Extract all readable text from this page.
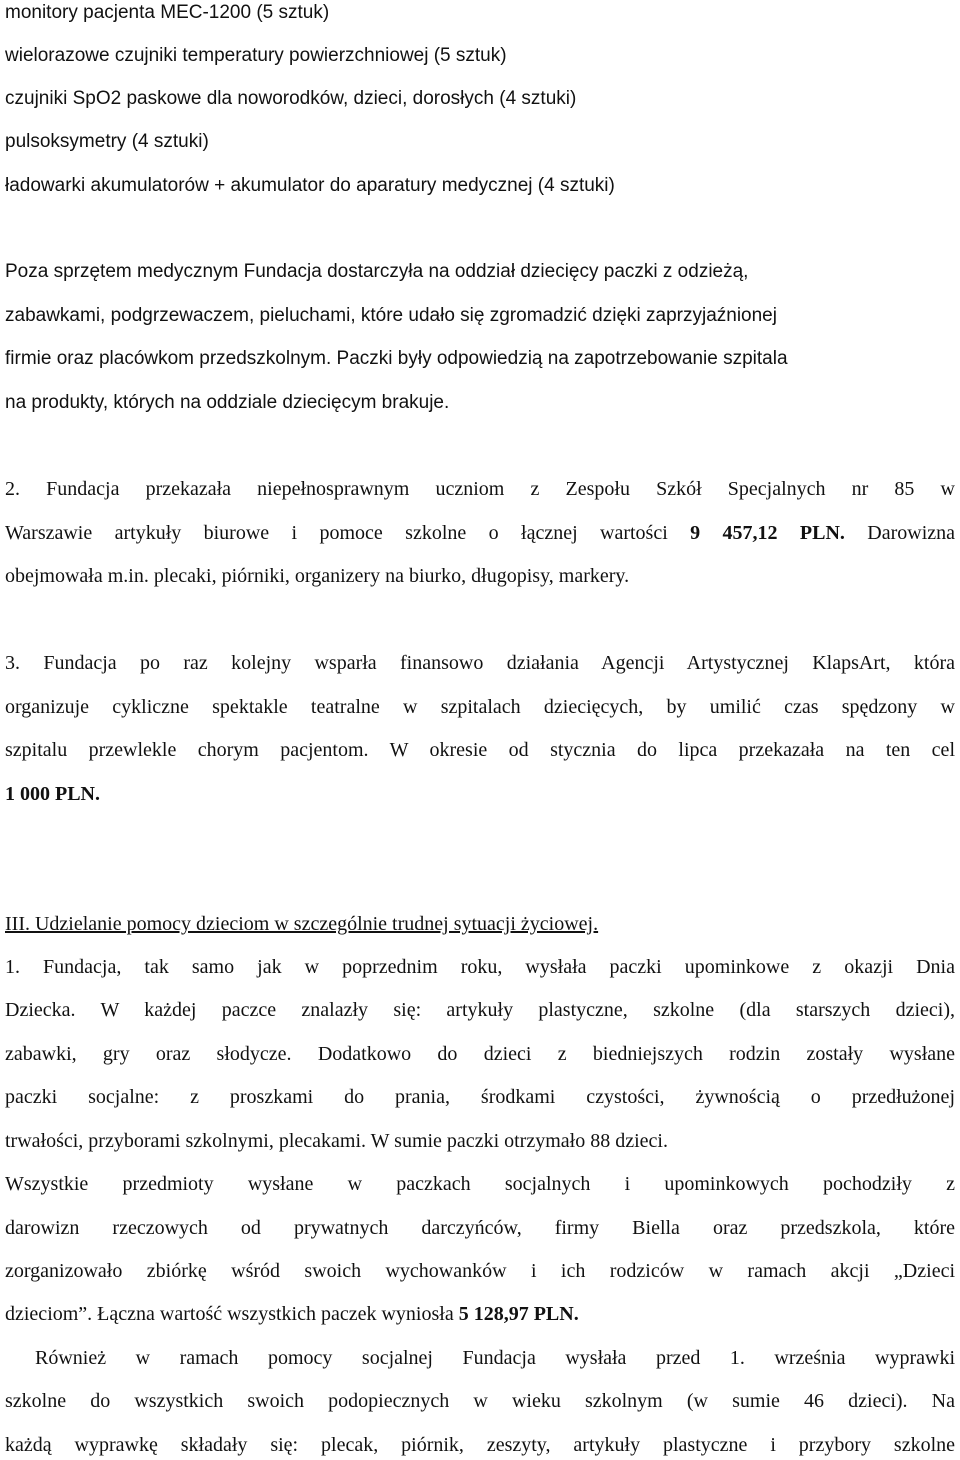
monitory pacjenta MEC-1200 (5 sztuk)
wielorazowe czujniki temperatury powierzchniowej (5 sztuk)
czujniki SpO2 paskowe dla noworodków, dzieci, dorosłych (4 sztuki)
pulsoksymetry (4 sztuki)
ładowarki akumulatorów + akumulator do aparatury medycznej (4 sztuki)
Poza sprzętem medycznym Fundacja dostarczyła na oddział dziecięcy paczki z odzieżą,
zabawkami, podgrzewaczem, pieluchami, które udało się zgromadzić dzięki zaprzyjaźnionej
firmie oraz placówkom przedszkolnym. Paczki były odpowiedzią na zapotrzebowanie szpitala
na produkty, których na oddziale dziecięcym brakuje.
2. Fundacja przekazała niepełnosprawnym uczniom z Zespołu Szkół Specjalnych nr 85 w
Warszawie artykuły biurowe i pomoce szkolne o łącznej wartości 9 457,12 PLN. Darowizna
obejmowała m.in. plecaki, piórniki, organizery na biurko, długopisy, markery.
3. Fundacja po raz kolejny wsparła finansowo działania Agencji Artystycznej KlapsArt, która
organizuje cykliczne spektakle teatralne w szpitalach dziecięcych, by umilić czas spędzony w
szpitalu przewlekle chorym pacjentom. W okresie od stycznia do lipca przekazała na ten cel
1 000 PLN.
III. Udzielanie pomocy dzieciom w szczególnie trudnej sytuacji życiowej.
1. Fundacja, tak samo jak w poprzednim roku, wysłała paczki upominkowe z okazji Dnia
Dziecka. W każdej paczce znalazły się: artykuły plastyczne, szkolne (dla starszych dzieci),
zabawki, gry oraz słodycze. Dodatkowo do dzieci z biedniejszych rodzin zostały wysłane
paczki socjalne: z proszkami do prania, środkami czystości, żywnością o przedłużonej
trwałości, przyborami szkolnymi, plecakami. W sumie paczki otrzymało 88 dzieci.
Wszystkie przedmioty wysłane w paczkach socjalnych i upominkowych pochodziły z
darowizn rzeczowych od prywatnych darczyńców, firmy Biella oraz przedszkola, które
zorganizowało zbiórkę wśród swoich wychowanków i ich rodziców w ramach akcji „Dzieci
dzieciom”. Łączna wartość wszystkich paczek wyniosła 5 128,97 PLN.
Również w ramach pomocy socjalnej Fundacja wysłała przed 1. września wyprawki
szkolne do wszystkich swoich podopiecznych w wieku szkolnym (w sumie 46 dzieci). Na
każdą wyprawkę składały się: plecak, piórnik, zeszyty, artykuły plastyczne i przybory szkolne
